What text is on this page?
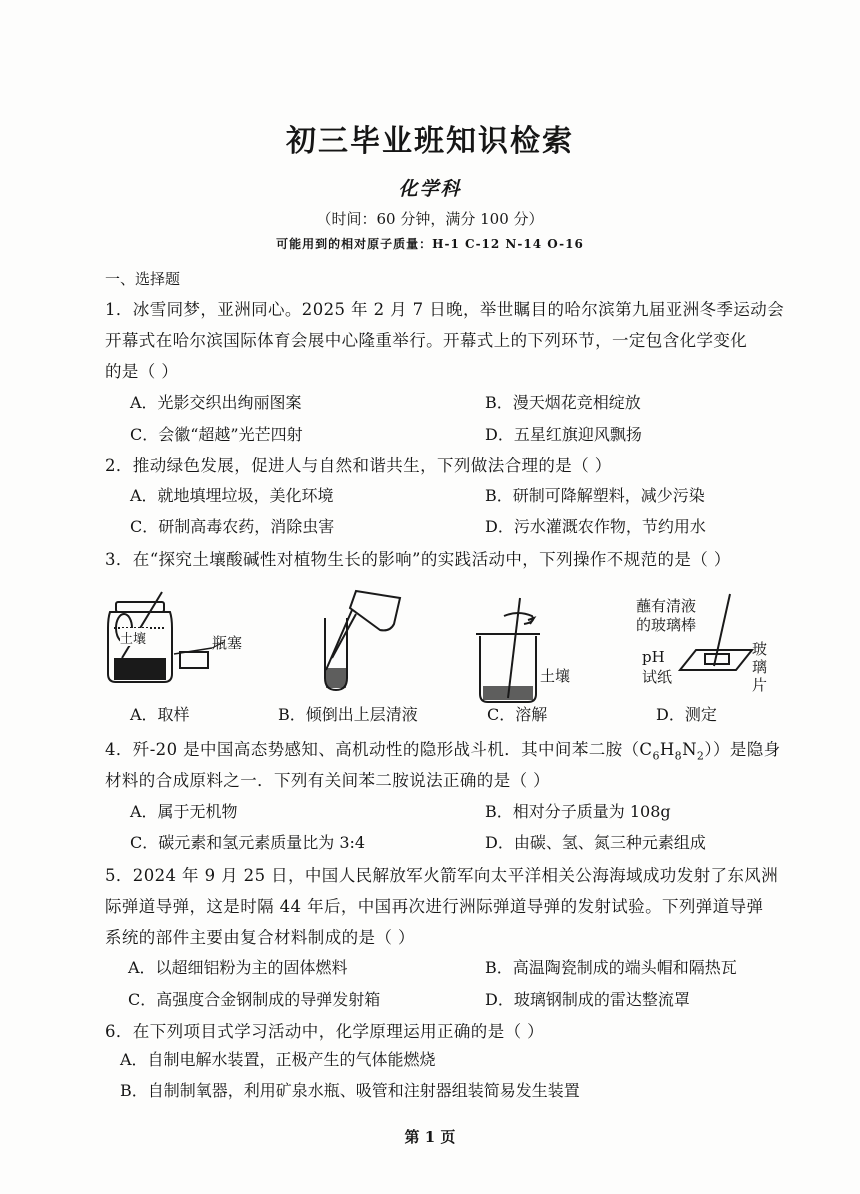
初三毕业班知识检索
化学科
（时间：60 分钟，满分 100 分）
可能用到的相对原子质量：H-1 C-12 N-14 O-16
一、选择题
1．冰雪同梦，亚洲同心。2025 年 2 月 7 日晚，举世瞩目的哈尔滨第九届亚洲冬季运动会
开幕式在哈尔滨国际体育会展中心隆重举行。开幕式上的下列环节，一定包含化学变化
的是（ ）
A．光影交织出绚丽图案	B．漫天烟花竞相绽放
C．会徽“超越”光芒四射	D．五星红旗迎风飘扬
2．推动绿色发展，促进人与自然和谐共生，下列做法合理的是（ ）
A．就地填埋垃圾，美化环境	B．研制可降解塑料，减少污染
C．研制高毒农药，消除虫害	D．污水灌溉农作物，节约用水
3．在“探究土壤酸碱性对植物生长的影响”的实践活动中，下列操作不规范的是（ ）
土壤	瓶塞
土壤
蘸有清液
的玻璃棒
pH
试纸
玻
璃
片
A．取样	B．倾倒出上层清液	C．溶解	D．测定
4．歼-20 是中国高态势感知、高机动性的隐形战斗机．其中间苯二胺$(C_6H_8N_2)$）是隐身
材料的合成原料之一．下列有关间苯二胺说法正确的是（ ）
A．属于无机物	B．相对分子质量为 108g
C．碳元素和氢元素质量比为 3:4	D．由碳、氢、氮三种元素组成
5．2024 年 9 月 25 日，中国人民解放军火箭军向太平洋相关公海海域成功发射了东风洲
际弹道导弹，这是时隔 44 年后，中国再次进行洲际弹道导弹的发射试验。下列弹道导弹
系统的部件主要由复合材料制成的是（ ）
A．以超细铝粉为主的固体燃料	B．高温陶瓷制成的端头帽和隔热瓦
C．高强度合金钢制成的导弹发射箱	D．玻璃钢制成的雷达整流罩
6．在下列项目式学习活动中，化学原理运用正确的是（ ）
A．自制电解水装置，正极产生的气体能燃烧
B．自制制氧器，利用矿泉水瓶、吸管和注射器组装简易发生装置
第 1 页
